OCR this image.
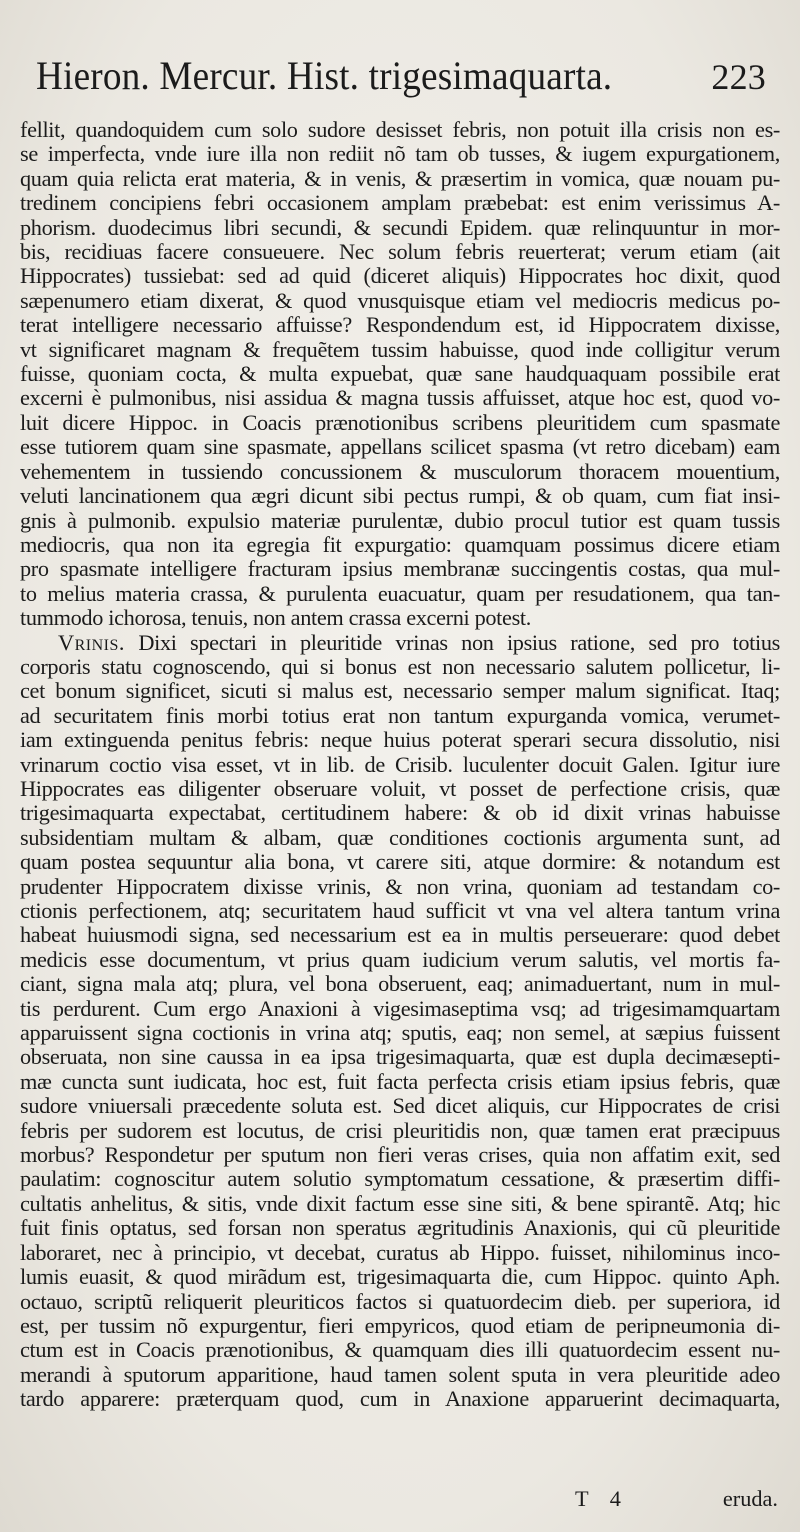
Hieron. Mercur. Hist. trigesimaquarta.	223
fellit, quandoquidem cum solo sudore desisset febris, non potuit illa crisis non es-
se imperfecta, vnde iure illa non rediit nõ tam ob tusses, & iugem expurgationem,
quam quia relicta erat materia, & in venis, & præsertim in vomica, quæ nouam pu-
tredinem concipiens febri occasionem amplam præbebat: est enim verissimus A-
phorism. duodecimus libri secundi, & secundi Epidem. quæ relinquuntur in mor-
bis, recidiuas facere consueuere. Nec solum febris reuerterat; verum etiam (ait
Hippocrates) tussiebat: sed ad quid (diceret aliquis) Hippocrates hoc dixit, quod
sæpenumero etiam dixerat, & quod vnusquisque etiam vel mediocris medicus po-
terat intelligere necessario affuisse? Respondendum est, id Hippocratem dixisse,
vt significaret magnam & frequẽtem tussim habuisse, quod inde colligitur verum
fuisse, quoniam cocta, & multa expuebat, quæ sane haudquaquam possibile erat
excerni è pulmonibus, nisi assidua & magna tussis affuisset, atque hoc est, quod vo-
luit dicere Hippoc. in Coacis prænotionibus scribens pleuritidem cum spasmate
esse tutiorem quam sine spasmate, appellans scilicet spasma (vt retro dicebam) eam
vehementem in tussiendo concussionem & musculorum thoracem mouentium,
veluti lancinationem qua ægri dicunt sibi pectus rumpi, & ob quam, cum fiat insi-
gnis à pulmonib. expulsio materiæ purulentæ, dubio procul tutior est quam tussis
mediocris, qua non ita egregia fit expurgatio: quamquam possimus dicere etiam
pro spasmate intelligere fracturam ipsius membranæ succingentis costas, qua mul-
to melius materia crassa, & purulenta euacuatur, quam per resudationem, qua tan-
tummodo ichorosa, tenuis, non antem crassa excerni potest.
Vrinis. Dixi spectari in pleuritide vrinas non ipsius ratione, sed pro totius
corporis statu cognoscendo, qui si bonus est non necessario salutem pollicetur, li-
cet bonum significet, sicuti si malus est, necessario semper malum significat. Itaq;
ad securitatem finis morbi totius erat non tantum expurganda vomica, verumet-
iam extinguenda penitus febris: neque huius poterat sperari secura dissolutio, nisi
vrinarum coctio visa esset, vt in lib. de Crisib. luculenter docuit Galen. Igitur iure
Hippocrates eas diligenter obseruare voluit, vt posset de perfectione crisis, quæ
trigesimaquarta expectabat, certitudinem habere: & ob id dixit vrinas habuisse
subsidentiam multam & albam, quæ conditiones coctionis argumenta sunt, ad
quam postea sequuntur alia bona, vt carere siti, atque dormire: & notandum est
prudenter Hippocratem dixisse vrinis, & non vrina, quoniam ad testandam co-
ctionis perfectionem, atq; securitatem haud sufficit vt vna vel altera tantum vrina
habeat huiusmodi signa, sed necessarium est ea in multis perseuerare: quod debet
medicis esse documentum, vt prius quam iudicium verum salutis, vel mortis fa-
ciant, signa mala atq; plura, vel bona obseruent, eaq; animaduertant, num in mul-
tis perdurent. Cum ergo Anaxioni à vigesimaseptima vsq; ad trigesimamquartam
apparuissent signa coctionis in vrina atq; sputis, eaq; non semel, at sæpius fuissent
obseruata, non sine caussa in ea ipsa trigesimaquarta, quæ est dupla decimæsepti-
mæ cuncta sunt iudicata, hoc est, fuit facta perfecta crisis etiam ipsius febris, quæ
sudore vniuersali præcedente soluta est. Sed dicet aliquis, cur Hippocrates de crisi
febris per sudorem est locutus, de crisi pleuritidis non, quæ tamen erat præcipuus
morbus? Respondetur per sputum non fieri veras crises, quia non affatim exit, sed
paulatim: cognoscitur autem solutio symptomatum cessatione, & præsertim diffi-
cultatis anhelitus, & sitis, vnde dixit factum esse sine siti, & bene spirantẽ. Atq; hic
fuit finis optatus, sed forsan non speratus ægritudinis Anaxionis, qui cũ pleuritide
laboraret, nec à principio, vt decebat, curatus ab Hippo. fuisset, nihilominus inco-
lumis euasit, & quod mirãdum est, trigesimaquarta die, cum Hippoc. quinto Aph.
octauo, scriptũ reliquerit pleuriticos factos si quatuordecim dieb. per superiora, id
est, per tussim nõ expurgentur, fieri empyricos, quod etiam de peripneumonia di-
ctum est in Coacis prænotionibus, & quamquam dies illi quatuordecim essent nu-
merandi à sputorum apparitione, haud tamen solent sputa in vera pleuritide adeo
tardo apparere: præterquam quod, cum in Anaxione apparuerint decimaquarta,
T 4	eruda.
